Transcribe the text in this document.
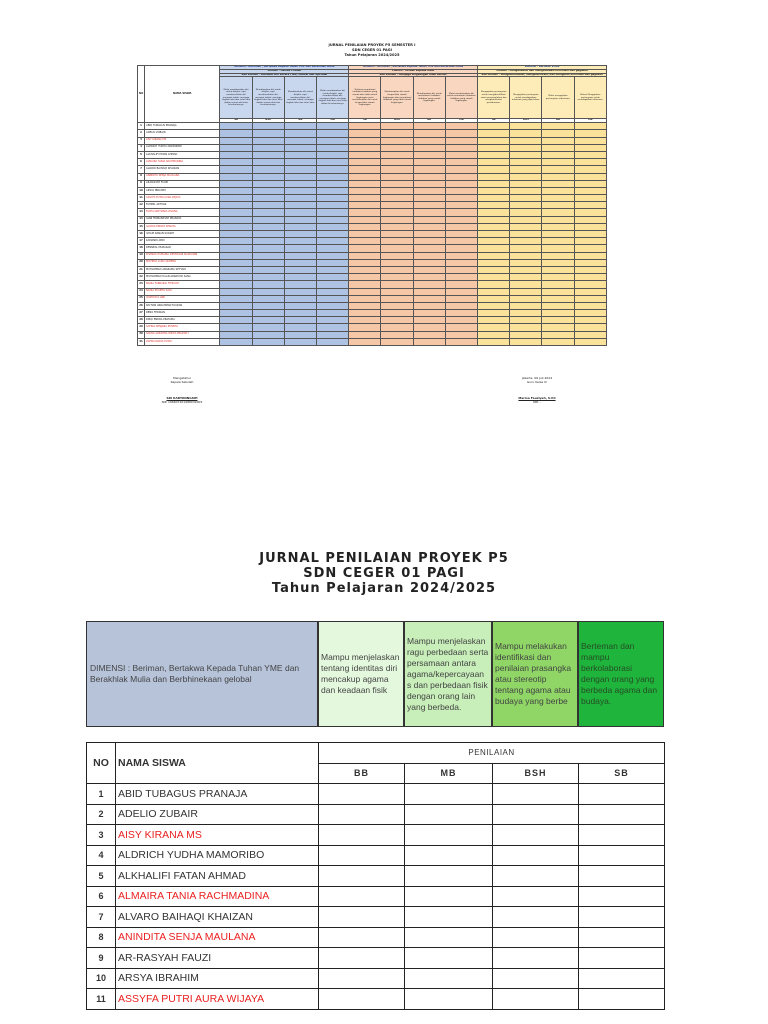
JURNAL PENILAIAN PROYEK P5 SEMESTER I
SDN CEGER 01 PAGI
Tahun Pelajaran 2024/2025
NO	NAMA SISWA	Dimensi : Berliman , Bertakwa Kepada Tuhan YME dan Berakhlak Mulia				Dimensi : Berliman , Bertakwa Kepada Tuhan YME dan Berakhlak Mulia				Dimensi : Bernalar Kritis			
		Elemen : Akhlak Pribadi				Elemen : Akhlak Kepada Alam				Elemen : Menganalisis dan mengevaluasi informasi dan gagasan			
		Sub Elemen : Merawat Diri secara Fisik, Mental dan Spiritual				Sub Elemen : Menjaga Lingkungan Alam sekitar				Sub Elemen : Mengidentifikasi, mengklarifikasi, dan mengolah informasi dan gagasan			
		Mulai membiasakan diri untuk disiplin, rapi, membersihkan diri merawat tubuh, menjaga tingkah laku dan tutur kata dalam semua aktivitas kesehariannya.	Membiasakan diri untuk disiplin, rapi, membersihkan diri, merawat tubuh, menjaga tingkah laku dan tutur kata dalam semua aktivitas kesehariannya.	Membiasakan diri untuk disiplin, rapi, membersihkan diri, merawat tubuh, menjaga tingkah laku dan tutur kata.	Mulai membiasakan diri untuk disiplin, rapi, membersihkan diri, merawat tubuh, menjaga tingkah laku dan tutur kata dalam kesehariannya.	Terbiasa memahami tindakan-tindakan yang ramah dan tidak ramah lingkungan serta membiasakan diri untuk berperilaku ramah lingkungan.	Membiasakan diri untuk berperilaku ramah lingkungan dan memahami tindakan yang tidak ramah lingkungan.	Membiasakan diri untuk memahami tindakan-tindakan yang ramah lingkungan.	Mulai membiasakan diri untuk memahami tindakan-tindakan yang ramah lingkungan.	Mengajukan pertanyaan untuk mengidentifikasi suatu permasalahan dan mengkonfirmasi pemahaman.	Mengajukan pertanyaan untuk mendapatkan informasi yang diperlukan.	Mulai mengajukan pertanyaan sederhana.	Belum Mengajukan pertanyaan untuk mendapatkan informasi.
		SB	BSH	BB	MB	SB	BSH	BB	MB	SB	BSH	BB	MB
1	ABID TUBAGUS PRANAJA												
2	ADELIO ZUBAIR												
3	AISY KIRANA MS												
4	ALDRICH YUDHA MAMORIBO												
5	ALKHALIFI FATAN AHMAD												
6	ALMAIRA TANIA RACHMADINA												
7	ALVARO BAIHAQI KHAIZAN												
8	ANINDITA SENJA MAULANA												
9	AR-RASYAH FAUZI												
10	ARSYA IBRAHIM												
11	ASSYFA PUTRI AURA WIJAYA												
12	FAHREL AKTHAR												
13	FAYHA NATHANIA ZIVANA												
14	GIAN FIRMANSYAH PRANATA												
15	GLORIA ENDAH WINATA												
16	ILHAM DANAN SURIATI												
17	KAMANDI ABDI												
18	KENNEAL MUZAKAR												
19	KHANZA HUMAIRA DESTRIANI NASRUDIN												
20	MICHELE AURA QUEENA												
21	MUHAMMAD ANARAMA SETYADI												
22	MUHAMMAD HAAN ARRASYID SANA												
23	NADIA FARRAIDA FITRIYAH												
24	NADIA PUSPITA SARI												
25	QORYATUL AINI												
26	RAYHAN ARRAHMAN FAUZAN												
27	RENO FERDIAN												
28	RIZQI ENDRA PRATAMA												
29	SAFINA SENJANA PUSPITA												
30	SALWA AZZAHRA WIDYA PRADISTI												
31	ZAHRA NADIA PUTRI												
Mengetahui
Kepala Sekolah
SRI KARTININGSIH
NIP. 196607201988032005
Jakarta, 06 Juli 2024
Guru Kelas IC
Marisa Fauziyah, S.Pd
NIP. -
JURNAL PENILAIAN PROYEK P5
SDN CEGER 01 PAGI
Tahun Pelajaran 2024/2025
DIMENSI : Beriman, Bertakwa Kepada Tuhan YME dan Berakhlak Mulia dan Berbhinekaan gelobal
Mampu menjelaskan tentang identitas diri mencakup agama dan keadaan fisik
Mampu menjelaskan ragu perbedaan serta persamaan antara agama/kepercayaan s dan perbedaan fisik dengan orang lain yang berbeda.
Mampu melakukan identifikasi dan penilaian prasangka atau stereotip tentang agama atau budaya yang berbe
Berteman dan mampu berkolaborasi dengan orang yang berbeda agama dan budaya.
NO	NAMA SISWA	PENILAIAN			
		BB	MB	BSH	SB
1	ABID TUBAGUS PRANAJA				
2	ADELIO ZUBAIR				
3	AISY KIRANA MS				
4	ALDRICH YUDHA MAMORIBO				
5	ALKHALIFI FATAN AHMAD				
6	ALMAIRA TANIA RACHMADINA				
7	ALVARO BAIHAQI KHAIZAN				
8	ANINDITA SENJA MAULANA				
9	AR-RASYAH FAUZI				
10	ARSYA IBRAHIM				
11	ASSYFA PUTRI AURA WIJAYA				
